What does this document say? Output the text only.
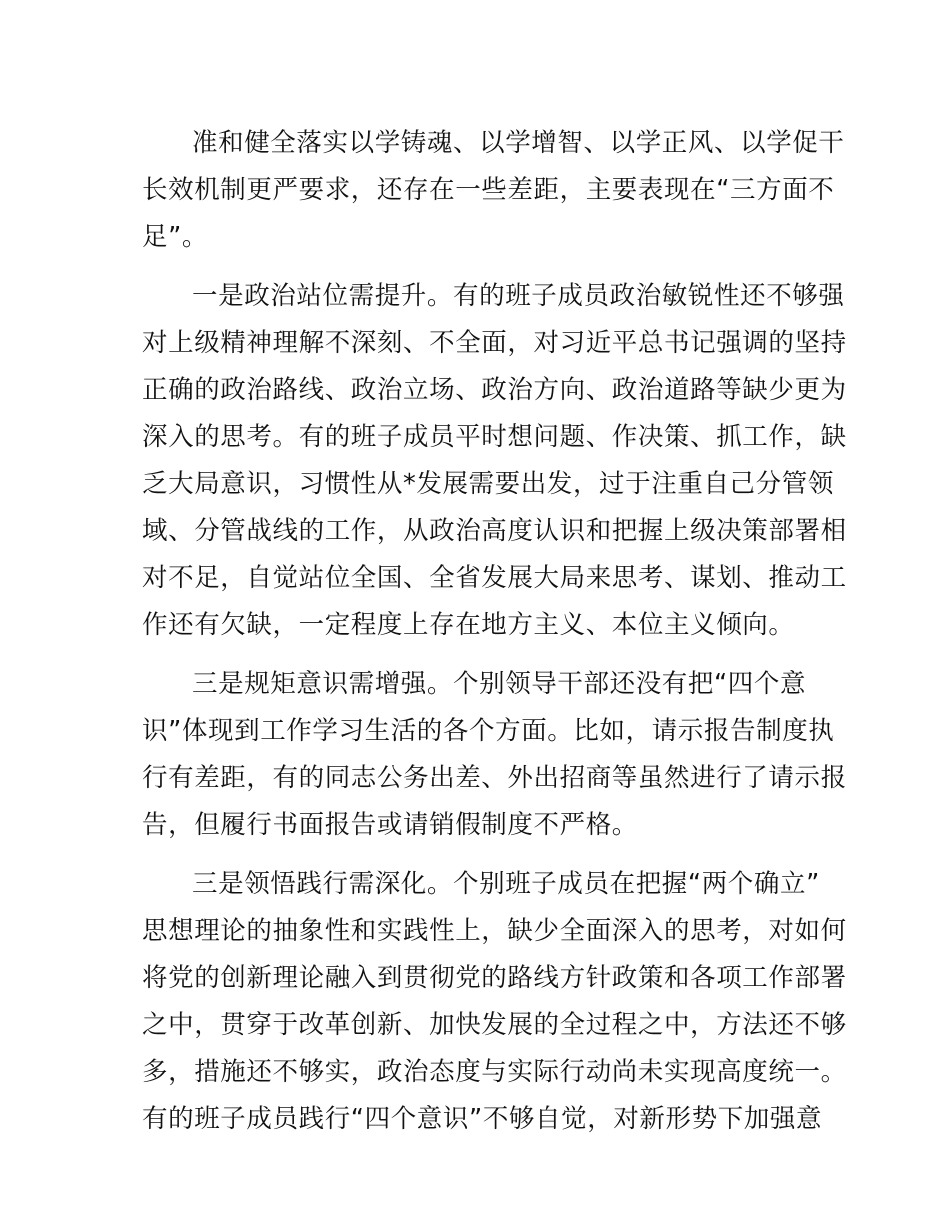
准和健全落实以学铸魂、以学增智、以学正风、以学促干
长效机制更严要求，还存在一些差距，主要表现在“三方面不
足”。
一是政治站位需提升。有的班子成员政治敏锐性还不够强
对上级精神理解不深刻、不全面，对习近平总书记强调的坚持
正确的政治路线、政治立场、政治方向、政治道路等缺少更为
深入的思考。有的班子成员平时想问题、作决策、抓工作，缺
乏大局意识，习惯性从*发展需要出发，过于注重自己分管领
域、分管战线的工作，从政治高度认识和把握上级决策部署相
对不足，自觉站位全国、全省发展大局来思考、谋划、推动工
作还有欠缺，一定程度上存在地方主义、本位主义倾向。
三是规矩意识需增强。个别领导干部还没有把“四个意
识”体现到工作学习生活的各个方面。比如，请示报告制度执
行有差距，有的同志公务出差、外出招商等虽然进行了请示报
告，但履行书面报告或请销假制度不严格。
三是领悟践行需深化。个别班子成员在把握“两个确立”
思想理论的抽象性和实践性上，缺少全面深入的思考，对如何
将党的创新理论融入到贯彻党的路线方针政策和各项工作部署
之中，贯穿于改革创新、加快发展的全过程之中，方法还不够
多，措施还不够实，政治态度与实际行动尚未实现高度统一。
有的班子成员践行“四个意识”不够自觉，对新形势下加强意
